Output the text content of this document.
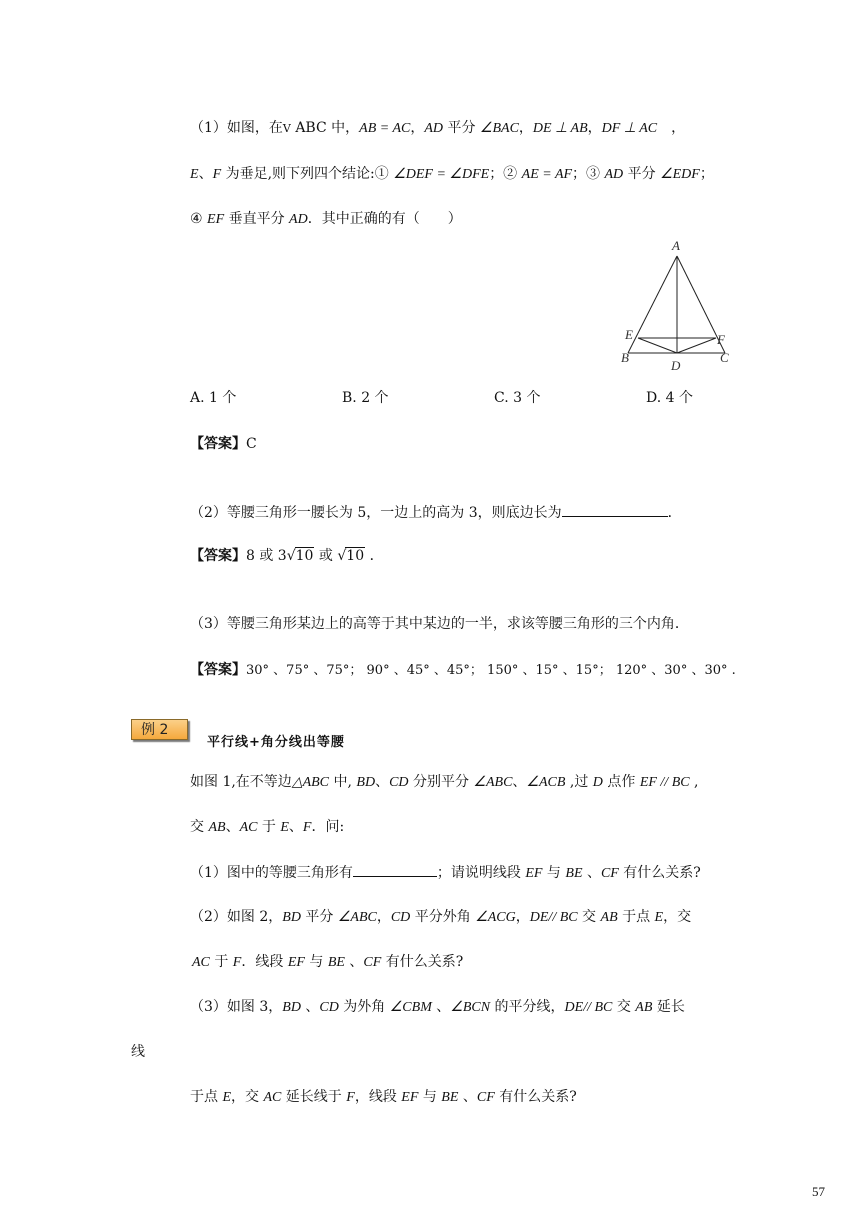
（1）如图，在V ABC 中，AB = AC，AD 平分 ∠BAC，DE ⊥ AB，DF ⊥ AC ，
E、F 为垂足,则下列四个结论:① ∠DEF = ∠DFE；② AE = AF；③ AD 平分 ∠EDF；
④ EF 垂直平分 AD．其中正确的有（　　）
A
E	F
B	C
D
A. 1 个	B. 2 个	C. 3 个	D. 4 个
【答案】C
（2）等腰三角形一腰长为 5，一边上的高为 3，则底边长为	．
【答案】8 或 3√10 或 √10 ．
（3）等腰三角形某边上的高等于其中某边的一半，求该等腰三角形的三个内角．
【答案】30° 、75° 、75°； 90° 、45° 、45°； 150° 、15° 、15°； 120° 、30° 、30° .
例 2
平行线+角分线出等腰
如图 1,在不等边△ABC 中, BD、CD 分别平分 ∠ABC、∠ACB ,过 D 点作 EF // BC ,
交 AB、AC 于 E、F．问:
（1）图中的等腰三角形有	；请说明线段 EF 与 BE 、CF 有什么关系?
（2）如图 2，BD 平分 ∠ABC，CD 平分外角 ∠ACG，DE// BC 交 AB 于点 E，交
AC 于 F．线段 EF 与 BE 、CF 有什么关系?
（3）如图 3，BD 、CD 为外角 ∠CBM 、∠BCN 的平分线，DE// BC 交 AB 延长
线
于点 E，交 AC 延长线于 F，线段 EF 与 BE 、CF 有什么关系?
57
